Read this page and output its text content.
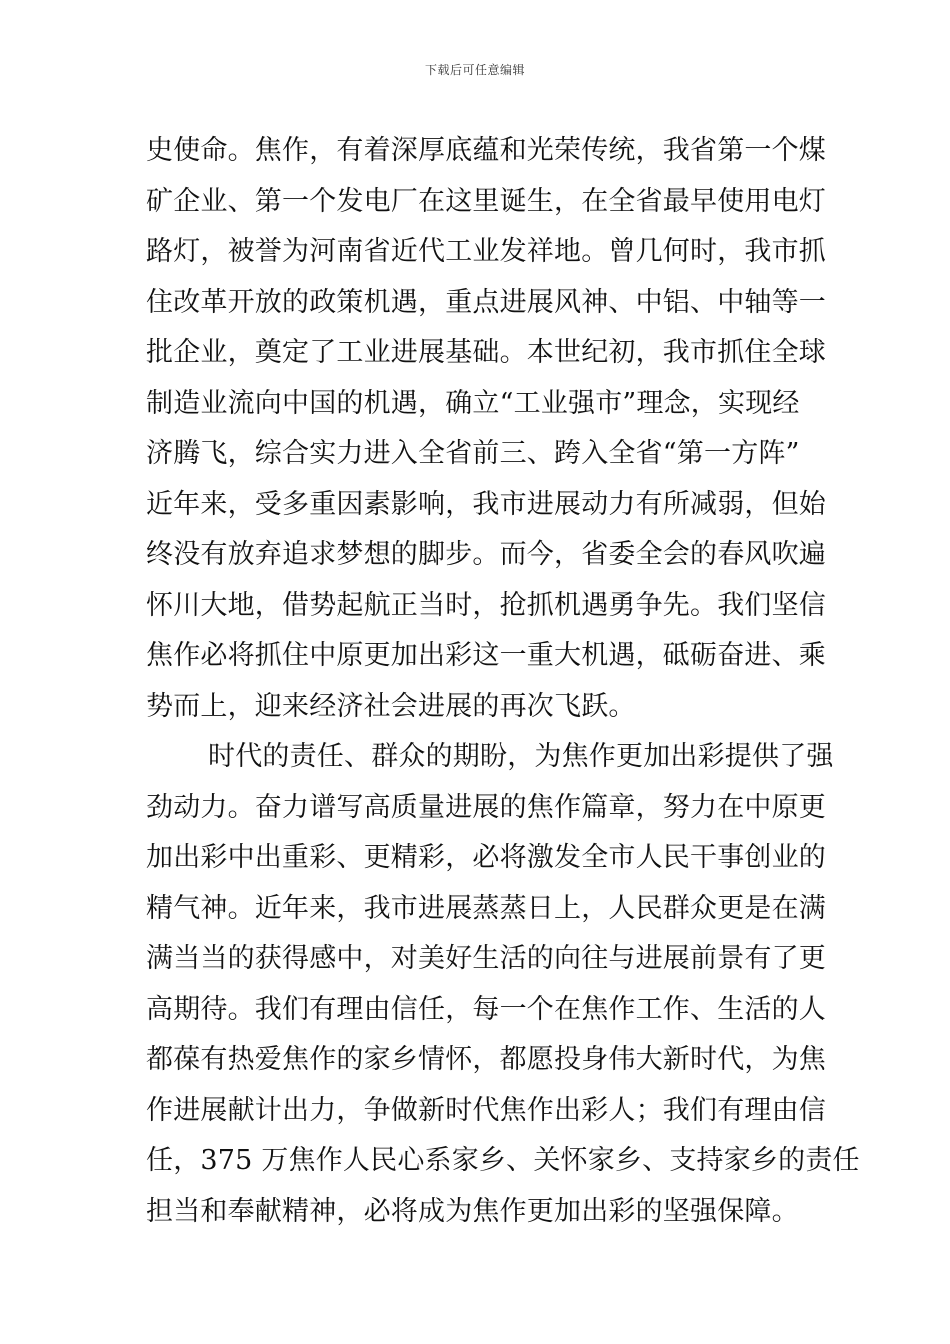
下载后可任意编辑
史使命。焦作，有着深厚底蕴和光荣传统，我省第一个煤
矿企业、第一个发电厂在这里诞生，在全省最早使用电灯
路灯，被誉为河南省近代工业发祥地。曾几何时，我市抓
住改革开放的政策机遇，重点进展风神、中铝、中轴等一
批企业，奠定了工业进展基础。本世纪初，我市抓住全球
制造业流向中国的机遇，确立“工业强市”理念，实现经
济腾飞，综合实力进入全省前三、跨入全省“第一方阵”
近年来，受多重因素影响，我市进展动力有所减弱，但始
终没有放弃追求梦想的脚步。而今，省委全会的春风吹遍
怀川大地，借势起航正当时，抢抓机遇勇争先。我们坚信
焦作必将抓住中原更加出彩这一重大机遇，砥砺奋进、乘
势而上，迎来经济社会进展的再次飞跃。
时代的责任、群众的期盼，为焦作更加出彩提供了强
劲动力。奋力谱写高质量进展的焦作篇章，努力在中原更
加出彩中出重彩、更精彩，必将激发全市人民干事创业的
精气神。近年来，我市进展蒸蒸日上，人民群众更是在满
满当当的获得感中，对美好生活的向往与进展前景有了更
高期待。我们有理由信任，每一个在焦作工作、生活的人
都葆有热爱焦作的家乡情怀，都愿投身伟大新时代，为焦
作进展献计出力，争做新时代焦作出彩人；我们有理由信
任，375 万焦作人民心系家乡、关怀家乡、支持家乡的责任
担当和奉献精神，必将成为焦作更加出彩的坚强保障。
